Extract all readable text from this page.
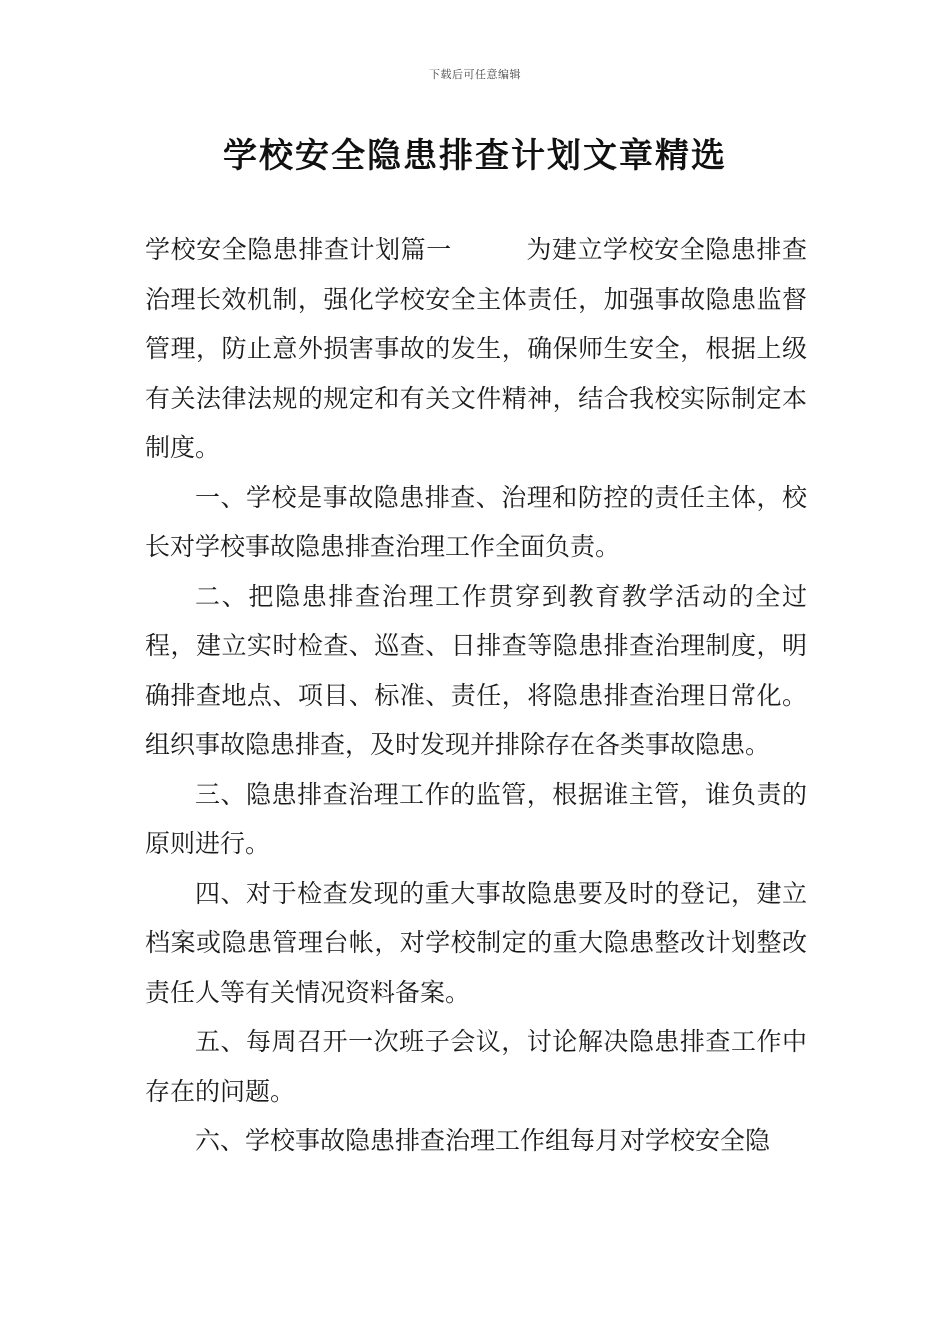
下载后可任意编辑
学校安全隐患排查计划文章精选

学校安全隐患排查计划篇一	为建立学校安全隐患排查治理长效机制，强化学校安全主体责任，加强事故隐患监督管理，防止意外损害事故的发生，确保师生安全，根据上级有关法律法规的规定和有关文件精神，结合我校实际制定本制度。

一、学校是事故隐患排查、治理和防控的责任主体，校长对学校事故隐患排查治理工作全面负责。

二、把隐患排查治理工作贯穿到教育教学活动的全过程，建立实时检查、巡查、日排查等隐患排查治理制度，明确排查地点、项目、标准、责任，将隐患排查治理日常化。组织事故隐患排查，及时发现并排除存在各类事故隐患。

三、隐患排查治理工作的监管，根据谁主管，谁负责的原则进行。

四、对于检查发现的重大事故隐患要及时的登记，建立档案或隐患管理台帐，对学校制定的重大隐患整改计划整改责任人等有关情况资料备案。

五、每周召开一次班子会议，讨论解决隐患排查工作中存在的问题。

六、学校事故隐患排查治理工作组每月对学校安全隐
